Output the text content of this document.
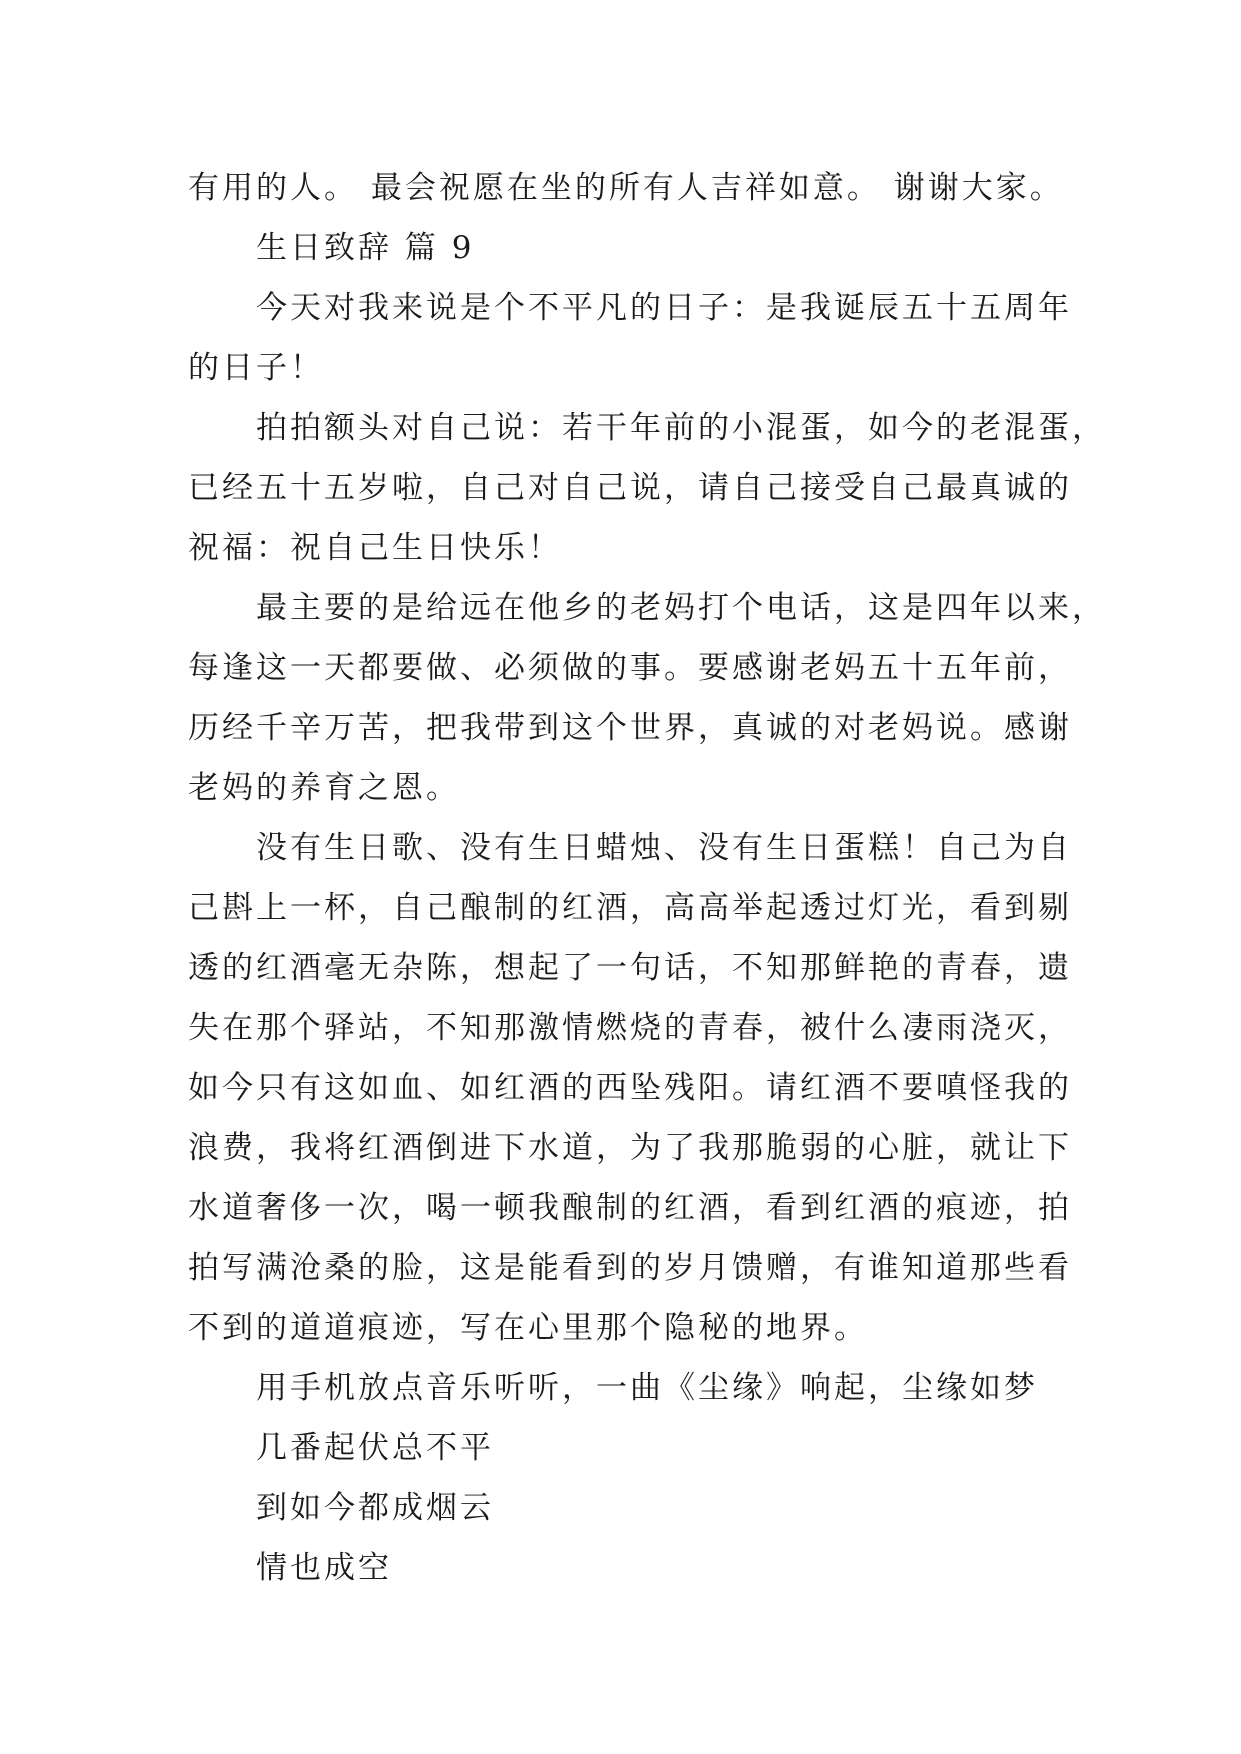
有用的人。 最会祝愿在坐的所有人吉祥如意。 谢谢大家。
生日致辞 篇 9
今天对我来说是个不平凡的日子：是我诞辰五十五周年
的日子！
拍拍额头对自己说：若干年前的小混蛋，如今的老混蛋，
已经五十五岁啦，自己对自己说，请自己接受自己最真诚的
祝福：祝自己生日快乐！
最主要的是给远在他乡的老妈打个电话，这是四年以来，
每逢这一天都要做、必须做的事。要感谢老妈五十五年前，
历经千辛万苦，把我带到这个世界，真诚的对老妈说。感谢
老妈的养育之恩。
没有生日歌、没有生日蜡烛、没有生日蛋糕！自己为自
己斟上一杯，自己酿制的红酒，高高举起透过灯光，看到剔
透的红酒毫无杂陈，想起了一句话，不知那鲜艳的青春，遗
失在那个驿站，不知那激情燃烧的青春，被什么凄雨浇灭，
如今只有这如血、如红酒的西坠残阳。请红酒不要嗔怪我的
浪费，我将红酒倒进下水道，为了我那脆弱的心脏，就让下
水道奢侈一次，喝一顿我酿制的红酒，看到红酒的痕迹，拍
拍写满沧桑的脸，这是能看到的岁月馈赠，有谁知道那些看
不到的道道痕迹，写在心里那个隐秘的地界。
用手机放点音乐听听，一曲《尘缘》响起，尘缘如梦
几番起伏总不平
到如今都成烟云
情也成空
